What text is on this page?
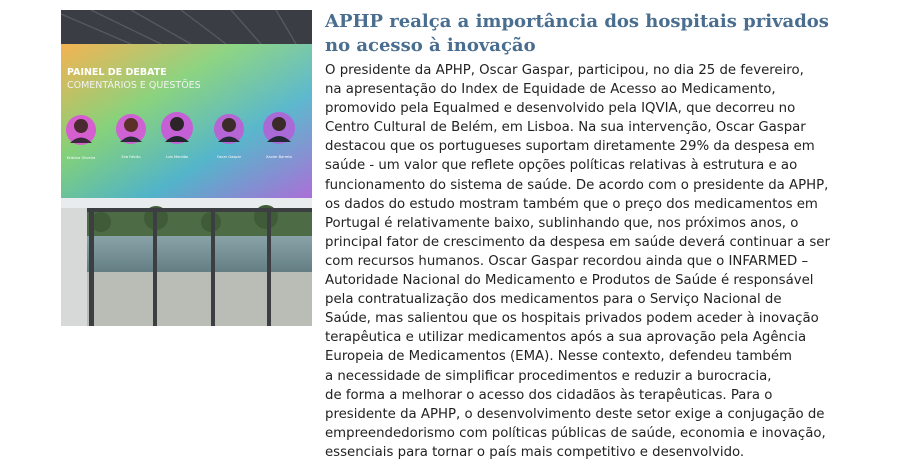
PAINEL DE DEBATE
COMENTÁRIOS E QUESTÕES
Kristina Oliveira	Eva Falcão	Luís Mendão	Oscar Gaspar	Xavier Barreto
APHP realça a importância dos hospitais privados no acesso à inovação

O presidente da APHP, Oscar Gaspar, participou, no dia 25 de fevereiro,
na apresentação do Index de Equidade de Acesso ao Medicamento,
promovido pela Equalmed e desenvolvido pela IQVIA, que decorreu no
Centro Cultural de Belém, em Lisboa. Na sua intervenção, Oscar Gaspar
destacou que os portugueses suportam diretamente 29% da despesa em
saúde - um valor que reflete opções políticas relativas à estrutura e ao
funcionamento do sistema de saúde. De acordo com o presidente da APHP,
os dados do estudo mostram também que o preço dos medicamentos em
Portugal é relativamente baixo, sublinhando que, nos próximos anos, o
principal fator de crescimento da despesa em saúde deverá continuar a ser
com recursos humanos. Oscar Gaspar recordou ainda que o INFARMED –
Autoridade Nacional do Medicamento e Produtos de Saúde é responsável
pela contratualização dos medicamentos para o Serviço Nacional de
Saúde, mas salientou que os hospitais privados podem aceder à inovação
terapêutica e utilizar medicamentos após a sua aprovação pela Agência
Europeia de Medicamentos (EMA). Nesse contexto, defendeu também
a necessidade de simplificar procedimentos e reduzir a burocracia,
de forma a melhorar o acesso dos cidadãos às terapêuticas. Para o
presidente da APHP, o desenvolvimento deste setor exige a conjugação de
empreendedorismo com políticas públicas de saúde, economia e inovação,
essenciais para tornar o país mais competitivo e desenvolvido.
